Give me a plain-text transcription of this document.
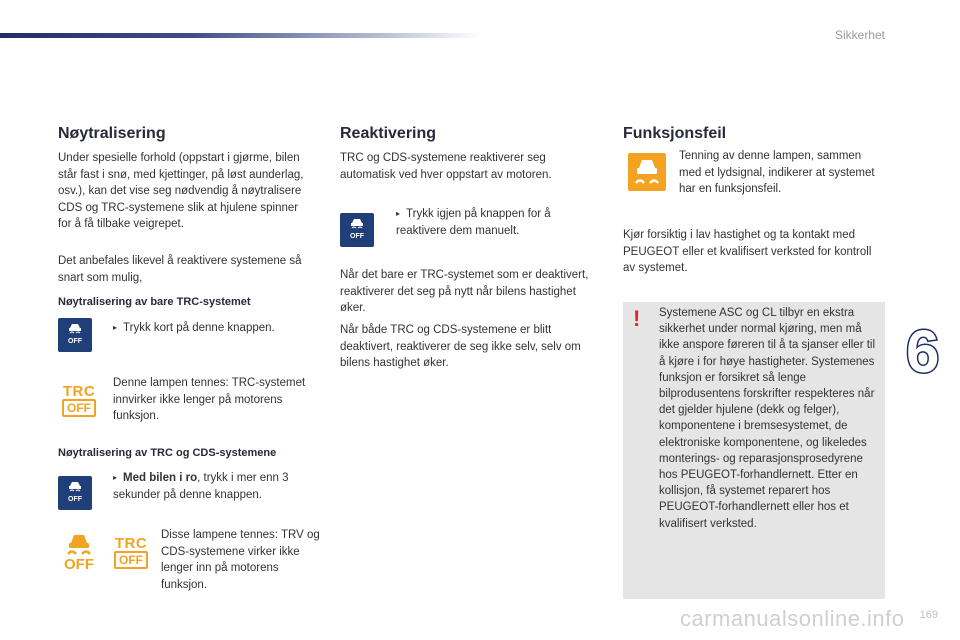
Sikkerhet
6
carmanualsonline.info 169
Nøytralisering

Under spesielle forhold (oppstart i gjørme, bilen står fast i snø, med kjettinger, på løst aunderlag, osv.), kan det vise seg nødvendig å nøytralisere CDS og TRC-systemene slik at hjulene spinner for å få tilbake veigrepet.

Det anbefales likevel å reaktivere systemene så snart som mulig,

Nøytralisering av bare TRC-systemet
OFF

▸ Trykk kort på denne knappen.

TRC
OFF

Denne lampen tennes: TRC-systemet innvirker ikke lenger på motorens funksjon.

Nøytralisering av TRC og CDS-systemene
OFF

▸ Med bilen i ro, trykk i mer enn 3 sekunder på denne knappen.

OFF
TRC
OFF

Disse lampene tennes: TRV og CDS-systemene virker ikke lenger inn på motorens funksjon.

Reaktivering

TRC og CDS-systemene reaktiverer seg automatisk ved hver oppstart av motoren.

OFF

▸ Trykk igjen på knappen for å reaktivere dem manuelt.

Når det bare er TRC-systemet som er deaktivert, reaktiverer det seg på nytt når bilens hastighet øker.

Når både TRC og CDS-systemene er blitt deaktivert, reaktiverer de seg ikke selv, selv om bilens hastighet øker.

Funksjonsfeil

Tenning av denne lampen, sammen med et lydsignal, indikerer at systemet har en funksjonsfeil.

Kjør forsiktig i lav hastighet og ta kontakt med PEUGEOT eller et kvalifisert verksted for kontroll av systemet.

! Systemene ASC og CL tilbyr en ekstra sikkerhet under normal kjøring, men må ikke anspore føreren til å ta sjanser eller til å kjøre i for høye hastigheter. Systemenes funksjon er forsikret så lenge bilprodusentens forskrifter respekteres når det gjelder hjulene (dekk og felger), komponentene i bremsesystemet, de elektroniske komponentene, og likeledes monterings- og reparasjonsprosedyrene hos PEUGEOT-forhandlernett. Etter en kollisjon, få systemet reparert hos PEUGEOT-forhandlernett eller hos et kvalifisert verksted.
